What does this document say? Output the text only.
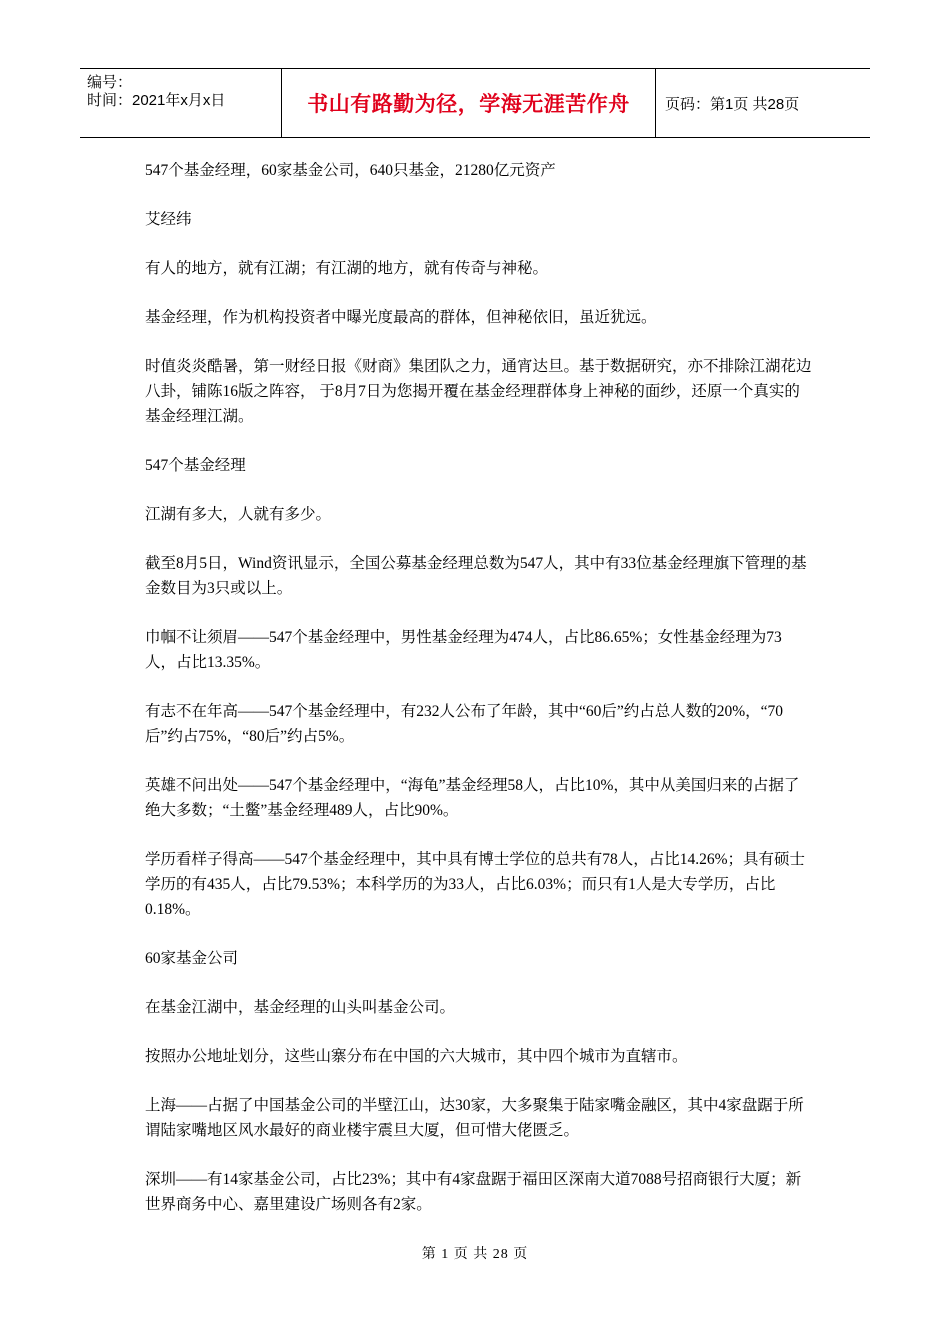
编号：
时间：2021年x月x日	书山有路勤为径，学海无涯苦作舟	页码：第1页 共28页

547个基金经理，60家基金公司，640只基金，21280亿元资产

艾经纬

有人的地方，就有江湖；有江湖的地方，就有传奇与神秘。

基金经理，作为机构投资者中曝光度最高的群体，但神秘依旧，虽近犹远。

时值炎炎酷暑，第一财经日报《财商》集团队之力，通宵达旦。基于数据研究，亦不排除江湖花边八卦，铺陈16版之阵容， 于8月7日为您揭开覆在基金经理群体身上神秘的面纱，还原一个真实的基金经理江湖。

547个基金经理

江湖有多大，人就有多少。

截至8月5日，Wind资讯显示，全国公募基金经理总数为547人，其中有33位基金经理旗下管理的基金数目为3只或以上。

巾帼不让须眉——547个基金经理中，男性基金经理为474人，占比86.65%；女性基金经理为73人，占比13.35%。

有志不在年高——547个基金经理中，有232人公布了年龄，其中“60后”约占总人数的20%，“70后”约占75%，“80后”约占5%。

英雄不问出处——547个基金经理中，“海龟”基金经理58人，占比10%，其中从美国归来的占据了绝大多数；“土鳖”基金经理489人，占比90%。

学历看样子得高——547个基金经理中，其中具有博士学位的总共有78人，占比14.26%；具有硕士学历的有435人，占比79.53%；本科学历的为33人，占比6.03%；而只有1人是大专学历，占比0.18%。

60家基金公司

在基金江湖中，基金经理的山头叫基金公司。

按照办公地址划分，这些山寨分布在中国的六大城市，其中四个城市为直辖市。

上海——占据了中国基金公司的半壁江山，达30家，大多聚集于陆家嘴金融区，其中4家盘踞于所谓陆家嘴地区风水最好的商业楼宇震旦大厦，但可惜大佬匮乏。

深圳——有14家基金公司，占比23%；其中有4家盘踞于福田区深南大道7088号招商银行大厦；新世界商务中心、嘉里建设广场则各有2家。

第 1 页 共 28 页
